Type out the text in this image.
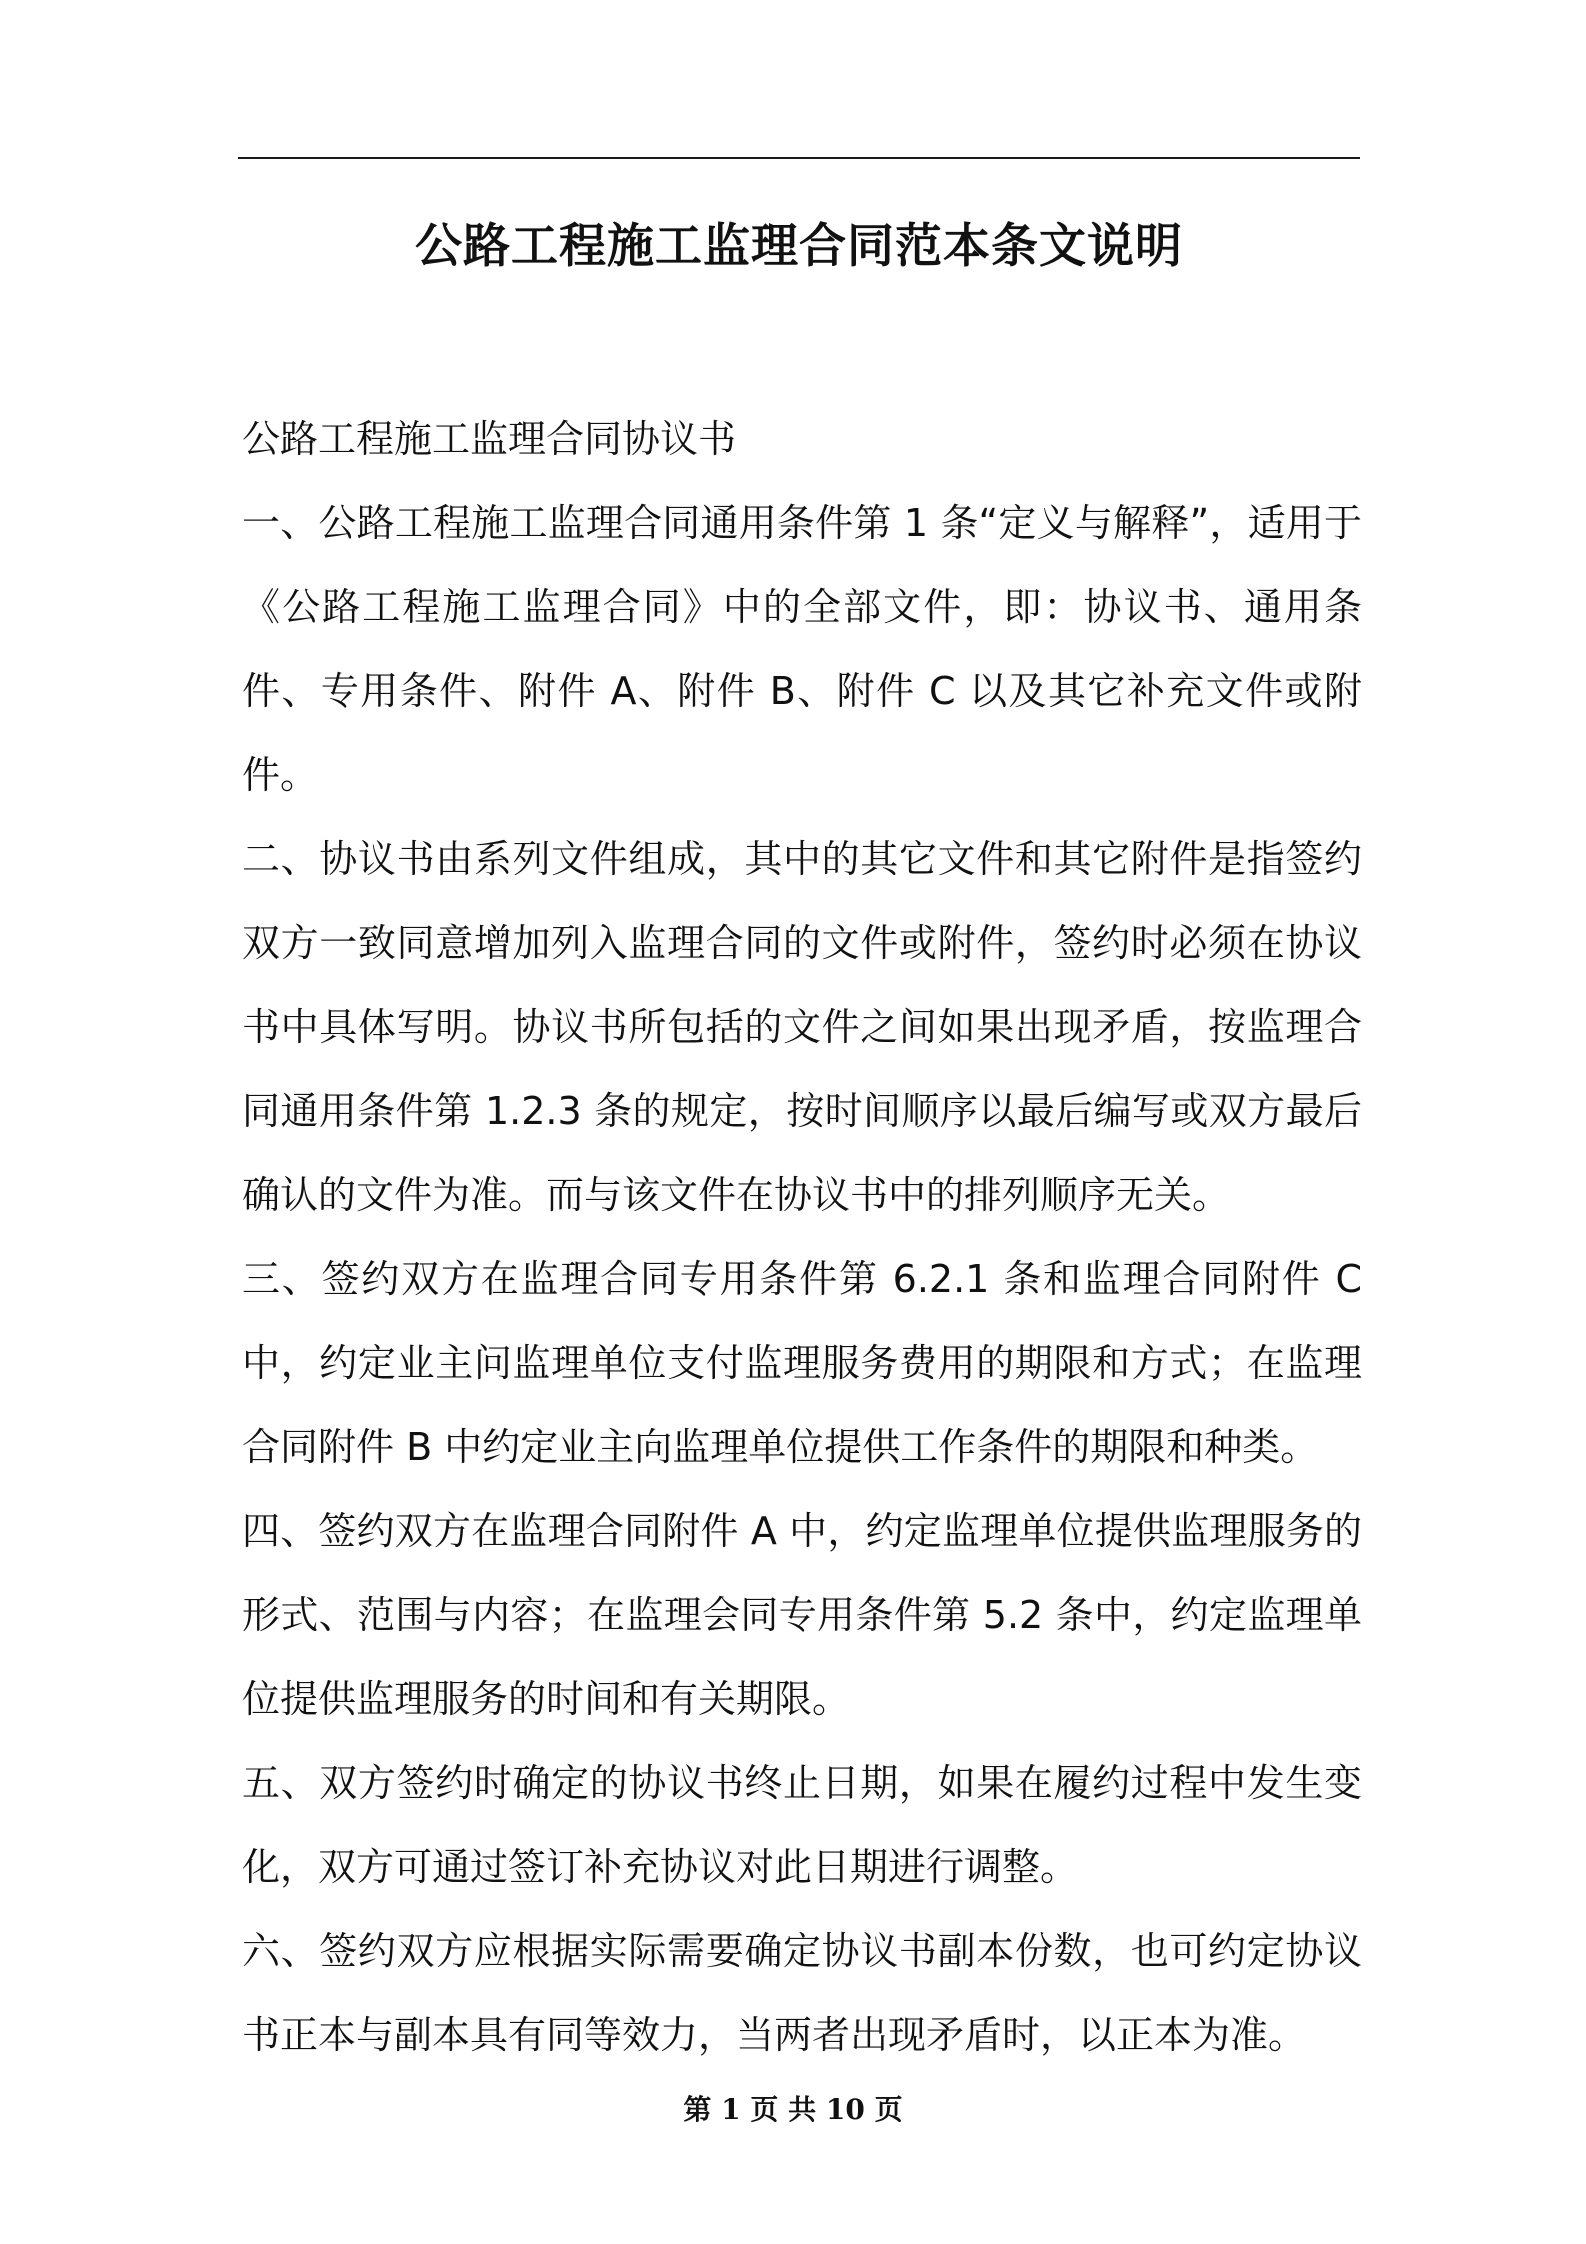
公路工程施工监理合同范本条文说明

公路工程施工监理合同协议书

一、公路工程施工监理合同通用条件第 1 条“定义与解释”，适用于《公路工程施工监理合同》中的全部文件，即：协议书、通用条件、专用条件、附件 A、附件 B、附件 C 以及其它补充文件或附件。

二、协议书由系列文件组成，其中的其它文件和其它附件是指签约双方一致同意增加列入监理合同的文件或附件，签约时必须在协议书中具体写明。协议书所包括的文件之间如果出现矛盾，按监理合同通用条件第 1.2.3 条的规定，按时间顺序以最后编写或双方最后确认的文件为准。而与该文件在协议书中的排列顺序无关。

三、签约双方在监理合同专用条件第 6.2.1 条和监理合同附件 C 中，约定业主问监理单位支付监理服务费用的期限和方式；在监理合同附件 B 中约定业主向监理单位提供工作条件的期限和种类。

四、签约双方在监理合同附件 A 中，约定监理单位提供监理服务的形式、范围与内容；在监理会同专用条件第 5.2 条中，约定监理单位提供监理服务的时间和有关期限。

五、双方签约时确定的协议书终止日期，如果在履约过程中发生变化，双方可通过签订补充协议对此日期进行调整。

六、签约双方应根据实际需要确定协议书副本份数，也可约定协议书正本与副本具有同等效力，当两者出现矛盾时，以正本为准。

第 1 页 共 10 页
